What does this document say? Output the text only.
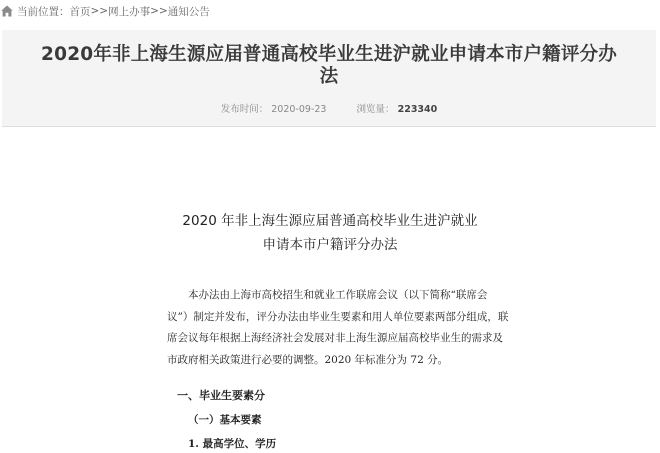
当前位置： 首页 >> 网上办事 >> 通知公告
2020年非上海生源应届普通高校毕业生进沪就业申请本市户籍评分办
法
发布时间： 2020-09-23	浏览量： 223340
2020 年非上海生源应届普通高校毕业生进沪就业
申请本市户籍评分办法
本办法由上海市高校招生和就业工作联席会议（以下简称“联席会
议”）制定并发布，评分办法由毕业生要素和用人单位要素两部分组成，联
席会议每年根据上海经济社会发展对非上海生源应届高校毕业生的需求及
市政府相关政策进行必要的调整。2020 年标准分为 72 分。
一、毕业生要素分
（一）基本要素
1. 最高学位、学历
